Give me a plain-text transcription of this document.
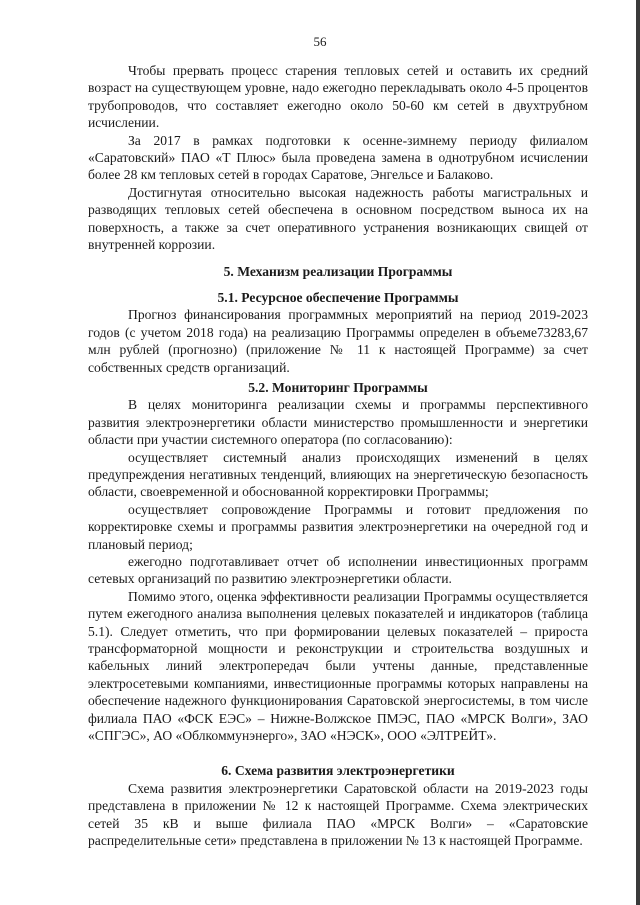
56

Чтобы прервать процесс старения тепловых сетей и оставить их средний возраст на существующем уровне, надо ежегодно перекладывать около 4-5 процентов трубопроводов, что составляет ежегодно около 50-60 км сетей в двухтрубном исчислении.

За 2017 в рамках подготовки к осенне-зимнему периоду филиалом «Саратовский» ПАО «Т Плюс» была проведена замена в однотрубном исчислении более 28 км тепловых сетей в городах Саратове, Энгельсе и Балаково.

Достигнутая относительно высокая надежность работы магистральных и разводящих тепловых сетей обеспечена в основном посредством выноса их на поверхность, а также за счет оперативного устранения возникающих свищей от внутренней коррозии.

5. Механизм реализации Программы
5.1. Ресурсное обеспечение Программы

Прогноз финансирования программных мероприятий на период 2019-2023 годов (с учетом 2018 года) на реализацию Программы определен в объеме73283,67 млн рублей (прогнозно) (приложение № 11 к настоящей Программе) за счет собственных средств организаций.

5.2. Мониторинг Программы

В целях мониторинга реализации схемы и программы перспективного развития электроэнергетики области министерство промышленности и энергетики области при участии системного оператора (по согласованию):

осуществляет системный анализ происходящих изменений в целях предупреждения негативных тенденций, влияющих на энергетическую безопасность области, своевременной и обоснованной корректировки Программы;

осуществляет сопровождение Программы и готовит предложения по корректировке схемы и программы развития электроэнергетики на очередной год и плановый период;

ежегодно подготавливает отчет об исполнении инвестиционных программ сетевых организаций по развитию электроэнергетики области.

Помимо этого, оценка эффективности реализации Программы осуществляется путем ежегодного анализа выполнения целевых показателей и индикаторов (таблица 5.1). Следует отметить, что при формировании целевых показателей – прироста трансформаторной мощности и реконструкции и строительства воздушных и кабельных линий электропередач были учтены данные, представленные электросетевыми компаниями, инвестиционные программы которых направлены на обеспечение надежного функционирования Саратовской энергосистемы, в том числе филиала ПАО «ФСК ЕЭС» – Нижне-Волжское ПМЭС, ПАО «МРСК Волги», ЗАО «СПГЭС», АО «Облкоммунэнерго», ЗАО «НЭСК», ООО «ЭЛТРЕЙТ».

6. Схема развития электроэнергетики

Схема развития электроэнергетики Саратовской области на 2019-2023 годы представлена в приложении № 12 к настоящей Программе. Схема электрических сетей 35 кВ и выше филиала ПАО «МРСК Волги» – «Саратовские распределительные сети» представлена в приложении № 13 к настоящей Программе.
